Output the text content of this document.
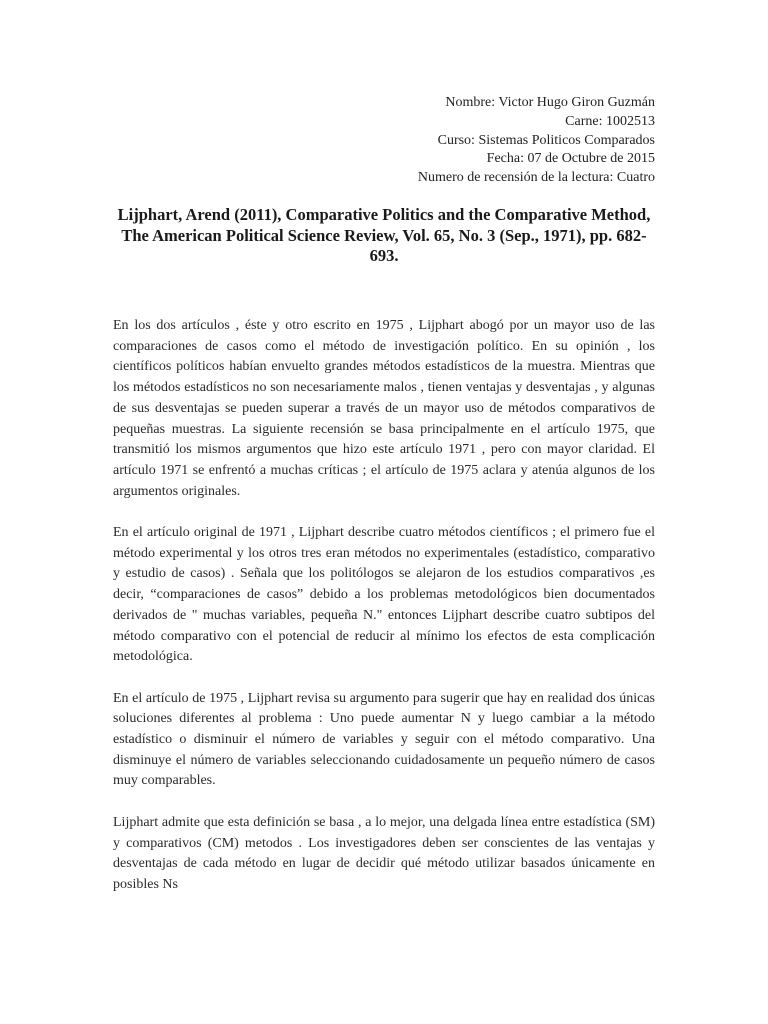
Nombre: Victor Hugo Giron Guzmán
Carne: 1002513
Curso: Sistemas Politicos Comparados
Fecha: 07 de Octubre de 2015
Numero de recensión de la lectura: Cuatro
Lijphart, Arend (2011), Comparative Politics and the Comparative Method, The American Political Science Review, Vol. 65, No. 3 (Sep., 1971), pp. 682-693.

En los dos artículos , éste y otro escrito en 1975 , Lijphart abogó por un mayor uso de las comparaciones de casos como el método de investigación político. En su opinión , los científicos políticos habían envuelto grandes métodos estadísticos de la muestra. Mientras que los métodos estadísticos no son necesariamente malos , tienen ventajas y desventajas , y algunas de sus desventajas se pueden superar a través de un mayor uso de métodos comparativos de pequeñas muestras. La siguiente recensión se basa principalmente en el artículo 1975, que transmitió los mismos argumentos que hizo este artículo 1971 , pero con mayor claridad. El artículo 1971 se enfrentó a muchas críticas ; el artículo de 1975 aclara y atenúa algunos de los argumentos originales.

En el artículo original de 1971 , Lijphart describe cuatro métodos científicos ; el primero fue el método experimental y los otros tres eran métodos no experimentales (estadístico, comparativo y estudio de casos) . Señala que los politólogos se alejaron de los estudios comparativos ,es decir, “comparaciones de casos” debido a los problemas metodológicos bien documentados derivados de " muchas variables, pequeña N." entonces Lijphart describe cuatro subtipos del método comparativo con el potencial de reducir al mínimo los efectos de esta complicación metodológica.

En el artículo de 1975 , Lijphart revisa su argumento para sugerir que hay en realidad dos únicas soluciones diferentes al problema : Uno puede aumentar N y luego cambiar a la método estadístico o disminuir el número de variables y seguir con el método comparativo. Una disminuye el número de variables seleccionando cuidadosamente un pequeño número de casos muy comparables.

Lijphart admite que esta definición se basa , a lo mejor, una delgada línea entre estadística (SM) y comparativos (CM) metodos . Los investigadores deben ser conscientes de las ventajas y desventajas de cada método en lugar de decidir qué método utilizar basados únicamente en posibles Ns
